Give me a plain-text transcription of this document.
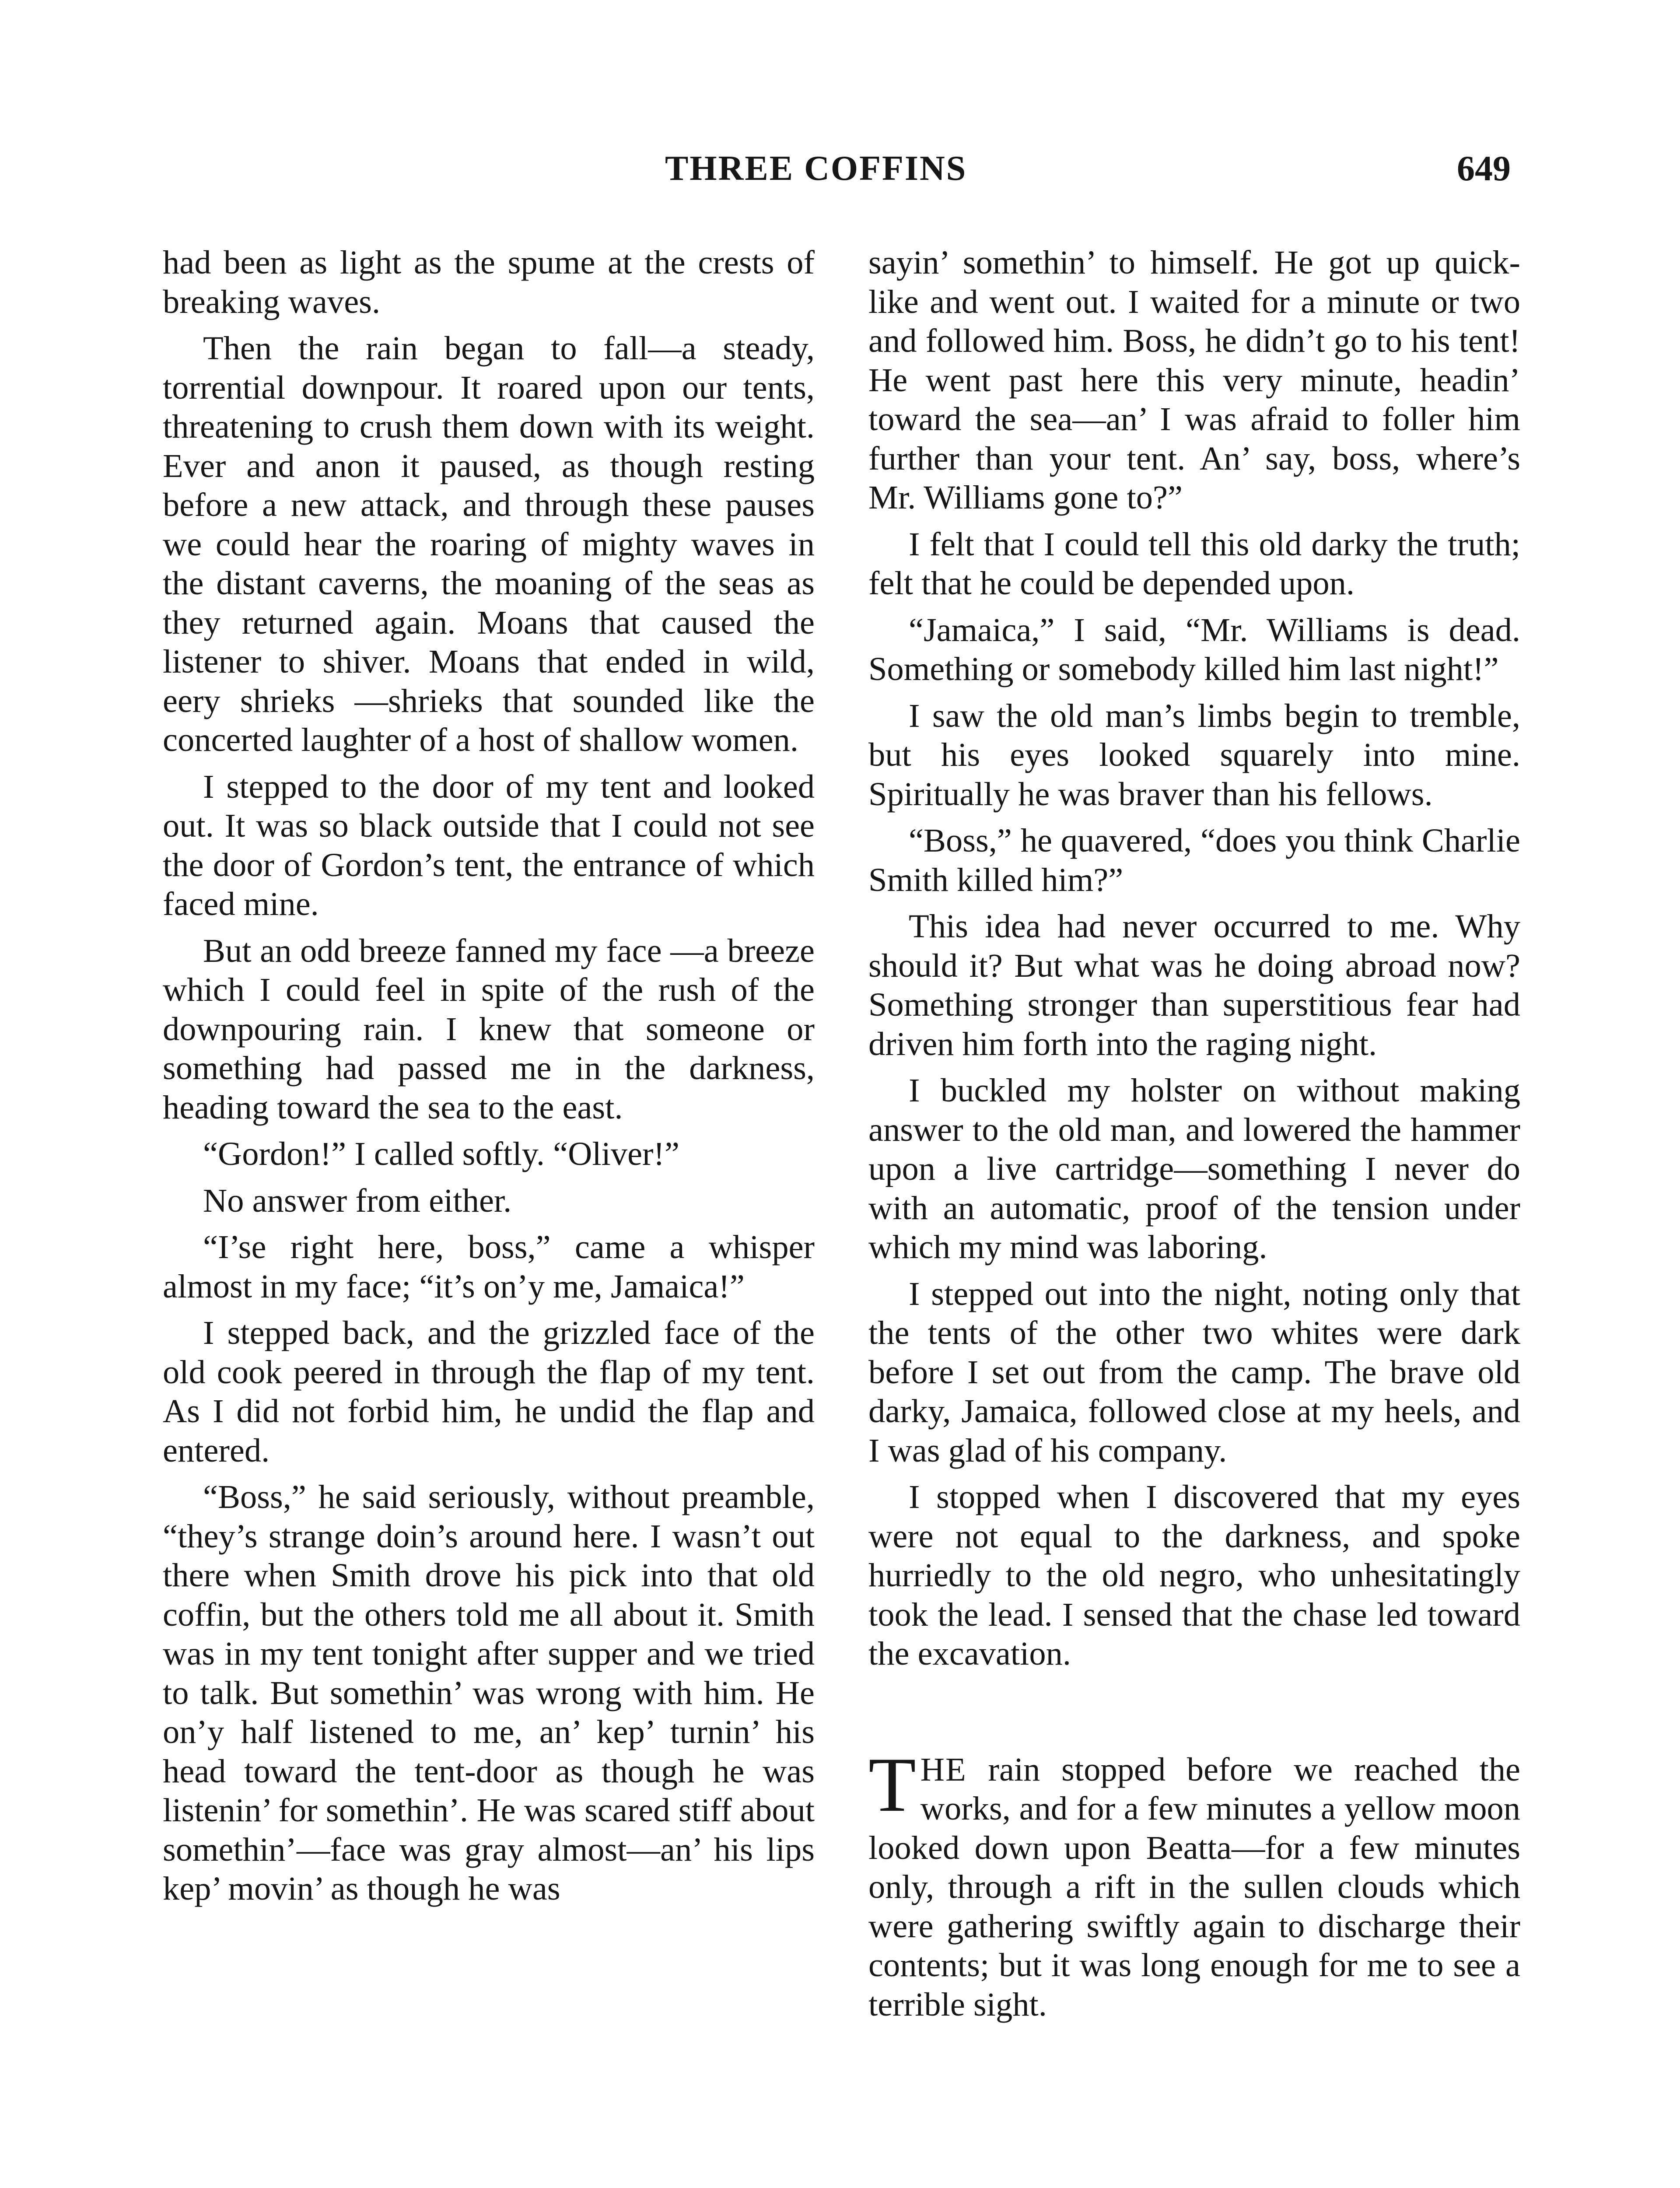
THREE COFFINS	649

had been as light as the spume at the crests of breaking waves.

Then the rain began to fall—a steady, torrential downpour. It roared upon our tents, threatening to crush them down with its weight. Ever and anon it paused, as though resting before a new attack, and through these pauses we could hear the roaring of mighty waves in the distant caverns, the moaning of the seas as they returned again. Moans that caused the listener to shiver. Moans that ended in wild, eery shrieks —shrieks that sounded like the concerted laughter of a host of shallow women.

I stepped to the door of my tent and looked out. It was so black outside that I could not see the door of Gordon’s tent, the entrance of which faced mine.

But an odd breeze fanned my face —a breeze which I could feel in spite of the rush of the downpouring rain. I knew that someone or something had passed me in the darkness, heading toward the sea to the east.

“Gordon!” I called softly. “Oliver!”

No answer from either.

“I’se right here, boss,” came a whisper almost in my face; “it’s on’y me, Jamaica!”

I stepped back, and the grizzled face of the old cook peered in through the flap of my tent. As I did not forbid him, he undid the flap and entered.

“Boss,” he said seriously, without preamble, “they’s strange doin’s around here. I wasn’t out there when Smith drove his pick into that old coffin, but the others told me all about it. Smith was in my tent tonight after supper and we tried to talk. But somethin’ was wrong with him. He on’y half listened to me, an’ kep’ turnin’ his head toward the tent-door as though he was listenin’ for somethin’. He was scared stiff about somethin’—face was gray almost—an’ his lips kep’ movin’ as though he was

sayin’ somethin’ to himself. He got up quick-like and went out. I waited for a minute or two and followed him. Boss, he didn’t go to his tent! He went past here this very minute, headin’ toward the sea—an’ I was afraid to foller him further than your tent. An’ say, boss, where’s Mr. Williams gone to?”

I felt that I could tell this old darky the truth; felt that he could be depended upon.

“Jamaica,” I said, “Mr. Williams is dead. Something or somebody killed him last night!”

I saw the old man’s limbs begin to tremble, but his eyes looked squarely into mine. Spiritually he was braver than his fellows.

“Boss,” he quavered, “does you think Charlie Smith killed him?”

This idea had never occurred to me. Why should it? But what was he doing abroad now? Something stronger than superstitious fear had driven him forth into the raging night.

I buckled my holster on without making answer to the old man, and lowered the hammer upon a live cartridge—something I never do with an automatic, proof of the tension under which my mind was laboring.

I stepped out into the night, noting only that the tents of the other two whites were dark before I set out from the camp. The brave old darky, Jamaica, followed close at my heels, and I was glad of his company.

I stopped when I discovered that my eyes were not equal to the darkness, and spoke hurriedly to the old negro, who unhesitatingly took the lead. I sensed that the chase led toward the excavation.

THE rain stopped before we reached the works, and for a few minutes a yellow moon looked down upon Beatta—for a few minutes only, through a rift in the sullen clouds which were gathering swiftly again to discharge their contents; but it was long enough for me to see a terrible sight.
